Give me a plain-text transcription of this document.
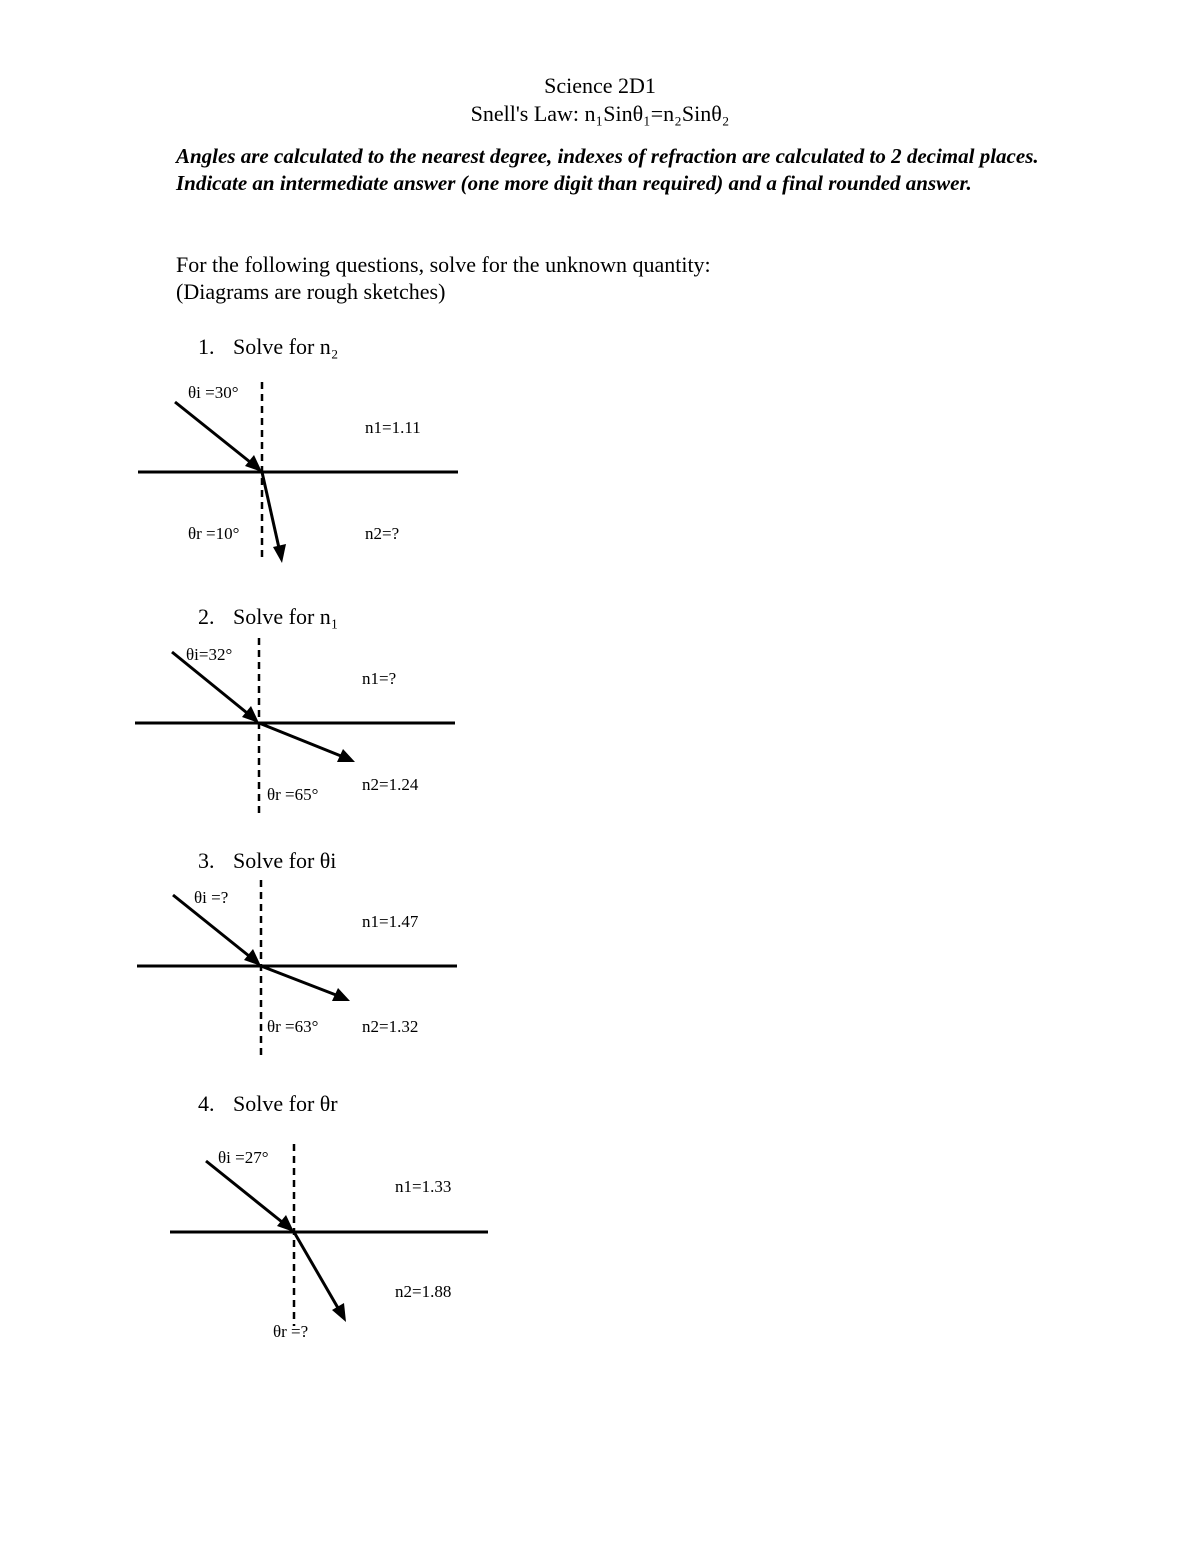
Science 2D1
Snell's Law: n₁Sinθ₁=n₂Sinθ₂

Angles are calculated to the nearest degree, indexes of refraction are calculated to 2 decimal places. Indicate an intermediate answer (one more digit than required) and a final rounded answer.

For the following questions, solve for the unknown quantity:
(Diagrams are rough sketches)
1. Solve for n₂
θi =30°
n1=1.11
θr =10°	n2=?
2. Solve for n₁
θi=32°
n1=?
θr =65°
n2=1.24
3. Solve for θi
θi =?
n1=1.47
θr =63°	n2=1.32
4. Solve for θr
θi =27°
n1=1.33
n2=1.88
θr =?
